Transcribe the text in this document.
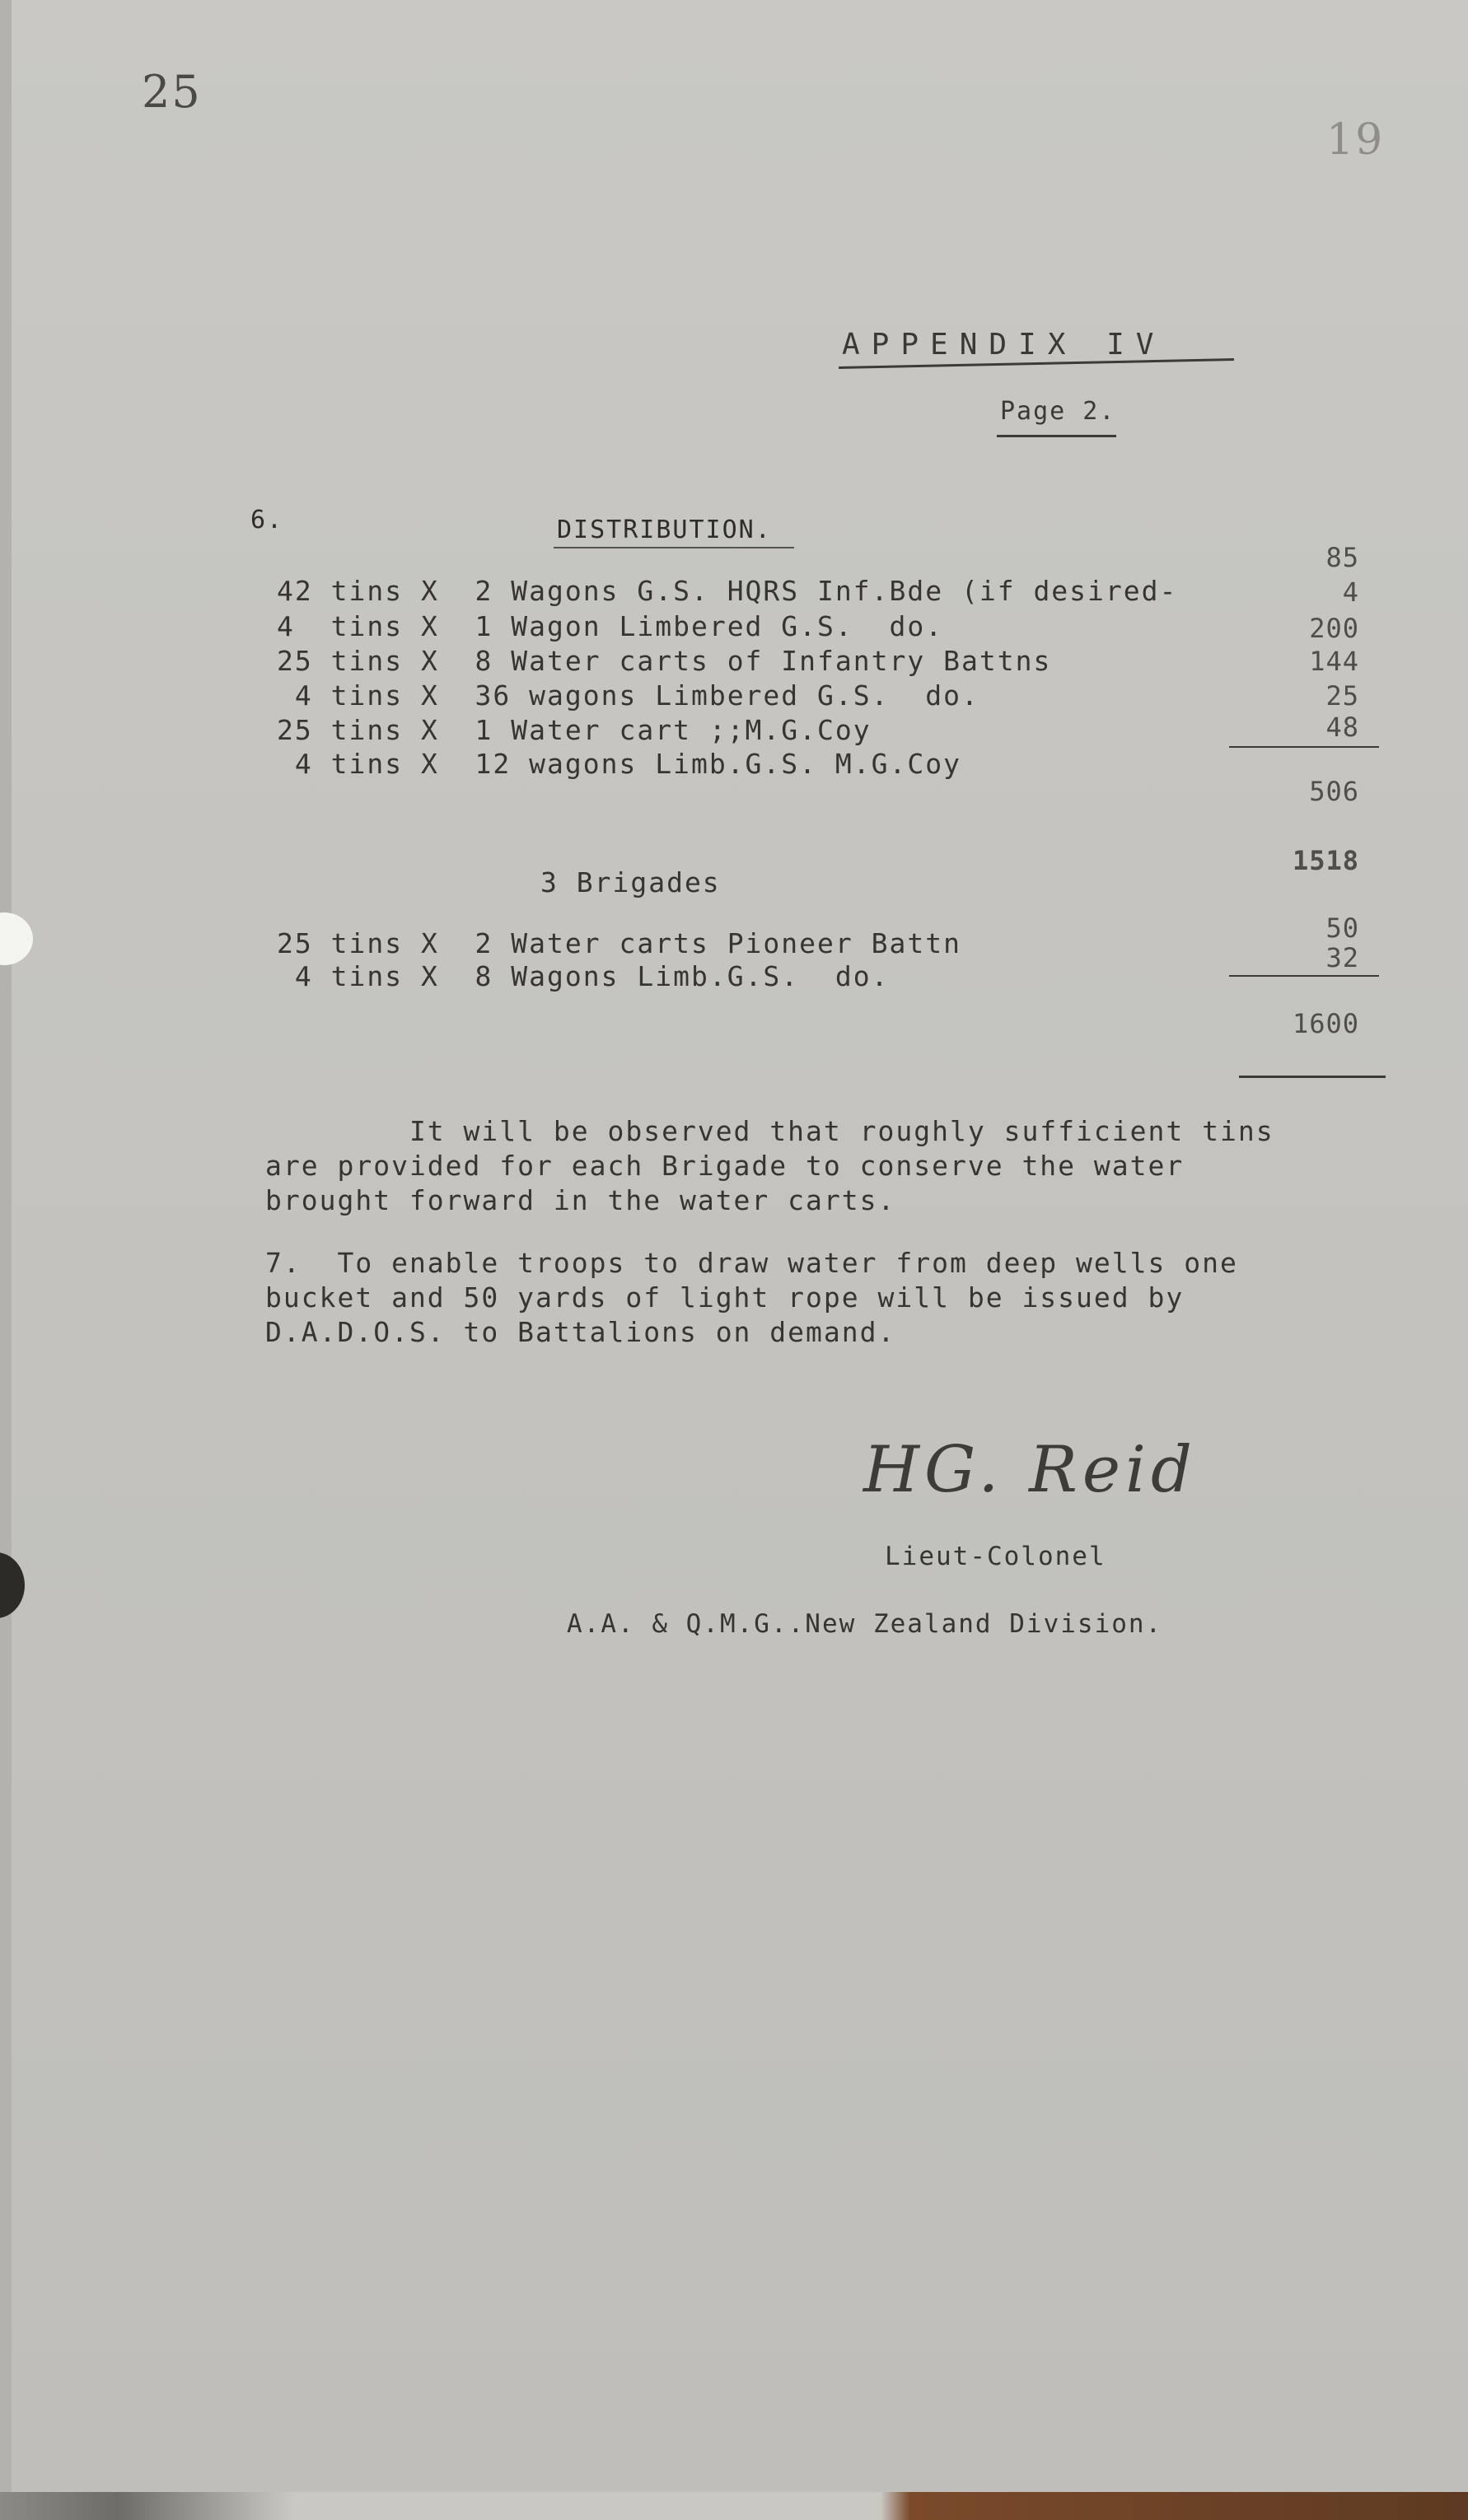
25
19
APPENDIX IV
Page 2.
6.	DISTRIBUTION.
42 tins X  2 Wagons G.S. HQRS Inf.Bde (if desired-
4  tins X  1 Wagon Limbered G.S.  do.
25 tins X  8 Water carts of Infantry Battns
4 tins X  36 wagons Limbered G.S.  do.
25 tins X  1 Water cart ;;M.G.Coy
4 tins X  12 wagons Limb.G.S. M.G.Coy
85
4
200
144
25
48
506
1518
3 Brigades
25 tins X  2 Water carts Pioneer Battn
4 tins X  8 Wagons Limb.G.S.  do.
50
32
1600
It will be observed that roughly sufficient tins
are provided for each Brigade to conserve the water
brought forward in the water carts.
7.  To enable troops to draw water from deep wells one
bucket and 50 yards of light rope will be issued by
D.A.D.O.S. to Battalions on demand.
HG. Reid
Lieut-Colonel
A.A. & Q.M.G..New Zealand Division.
